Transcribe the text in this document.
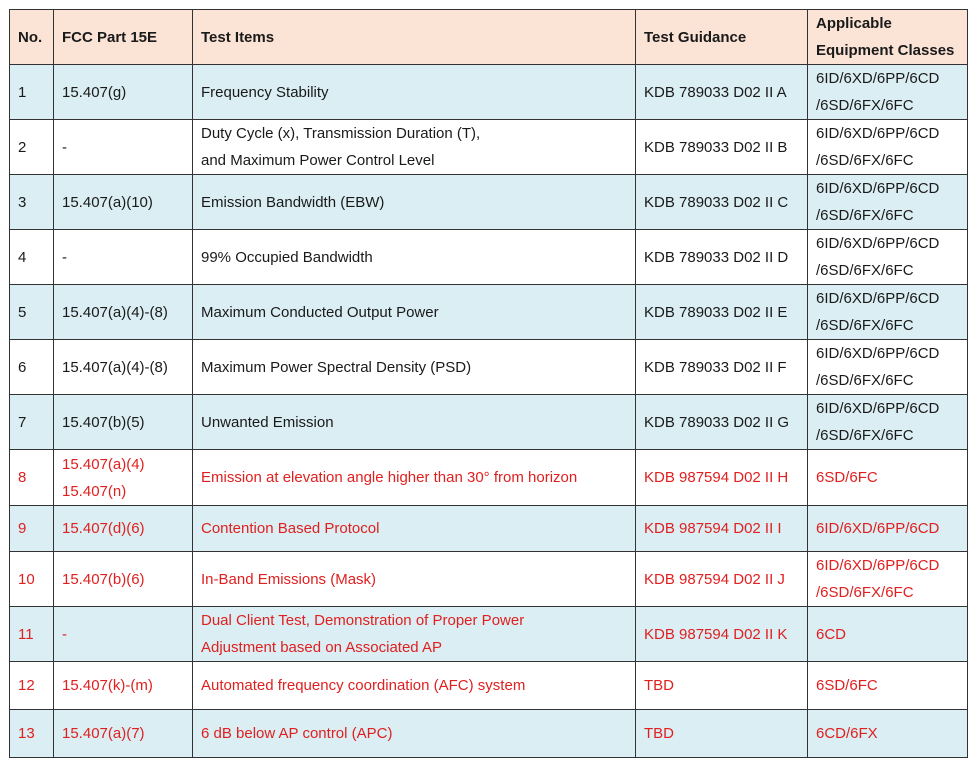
No.	FCC Part 15E	Test Items	Test Guidance	Applicable
Equipment Classes

1	15.407(g)	Frequency Stability	KDB 789033 D02 II A	6ID/6XD/6PP/6CD
/6SD/6FX/6FC

2	-	Duty Cycle (x), Transmission Duration (T),
and Maximum Power Control Level	KDB 789033 D02 II B	6ID/6XD/6PP/6CD
/6SD/6FX/6FC

3	15.407(a)(10)	Emission Bandwidth (EBW)	KDB 789033 D02 II C	6ID/6XD/6PP/6CD
/6SD/6FX/6FC

4	-	99% Occupied Bandwidth	KDB 789033 D02 II D	6ID/6XD/6PP/6CD
/6SD/6FX/6FC

5	15.407(a)(4)-(8)	Maximum Conducted Output Power	KDB 789033 D02 II E	6ID/6XD/6PP/6CD
/6SD/6FX/6FC

6	15.407(a)(4)-(8)	Maximum Power Spectral Density (PSD)	KDB 789033 D02 II F	6ID/6XD/6PP/6CD
/6SD/6FX/6FC

7	15.407(b)(5)	Unwanted Emission	KDB 789033 D02 II G	6ID/6XD/6PP/6CD
/6SD/6FX/6FC

8	15.407(a)(4)
15.407(n)	Emission at elevation angle higher than 30° from horizon	KDB 987594 D02 II H	6SD/6FC

9	15.407(d)(6)	Contention Based Protocol	KDB 987594 D02 II I	6ID/6XD/6PP/6CD

10	15.407(b)(6)	In-Band Emissions (Mask)	KDB 987594 D02 II J	6ID/6XD/6PP/6CD
/6SD/6FX/6FC

11	-	Dual Client Test, Demonstration of Proper Power
Adjustment based on Associated AP	KDB 987594 D02 II K	6CD

12	15.407(k)-(m)	Automated frequency coordination (AFC) system	TBD	6SD/6FC

13	15.407(a)(7)	6 dB below AP control (APC)	TBD	6CD/6FX
